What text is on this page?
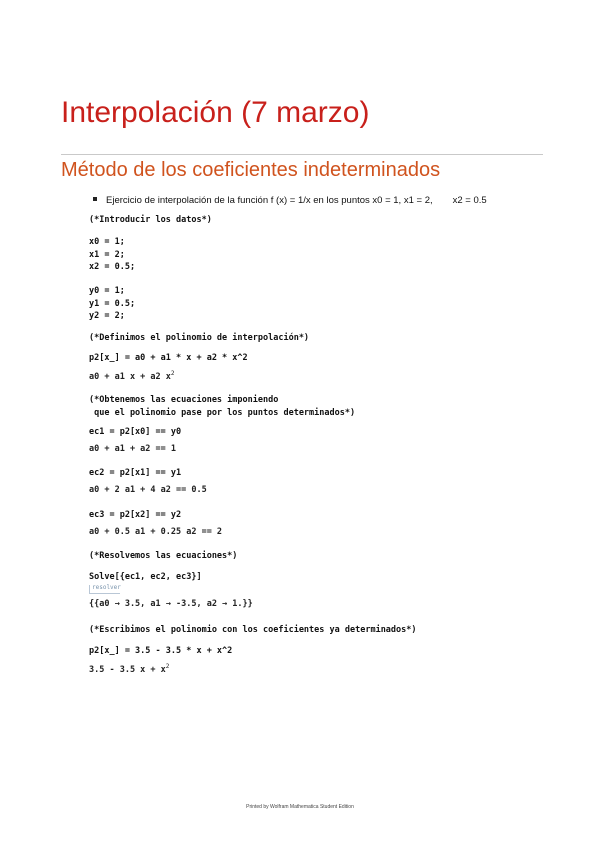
Interpolación (7 marzo)
Método de los coeficientes indeterminados
Ejercicio de interpolación de la función f (x) = 1/x en los puntos x0 = 1, x1 = 2, x2 = 0.5
(*Introducir los datos*)
x0 = 1;
x1 = 2;
x2 = 0.5;
y0 = 1;
y1 = 0.5;
y2 = 2;
(*Definimos el polinomio de interpolación*)
p2[x_] = a0 + a1 * x + a2 * x^2
a0 + a1 x + a2 $x^2$
(*Obtenemos las ecuaciones imponiendo
que el polinomio pase por los puntos determinados*)
ec1 = p2[x0] == y0
a0 + a1 + a2 == 1
ec2 = p2[x1] == y1
a0 + 2 a1 + 4 a2 == 0.5
ec3 = p2[x2] == y2
a0 + 0.5 a1 + 0.25 a2 == 2
(*Resolvemos las ecuaciones*)
Solve[{ec1, ec2, ec3}]
resolver
{{a0 → 3.5, a1 → -3.5, a2 → 1.}}
(*Escribimos el polinomio con los coeficientes ya determinados*)
p2[x_] = 3.5 - 3.5 * x + x^2
3.5 - 3.5 $x + x^2$
Printed by Wolfram Mathematica Student Edition
